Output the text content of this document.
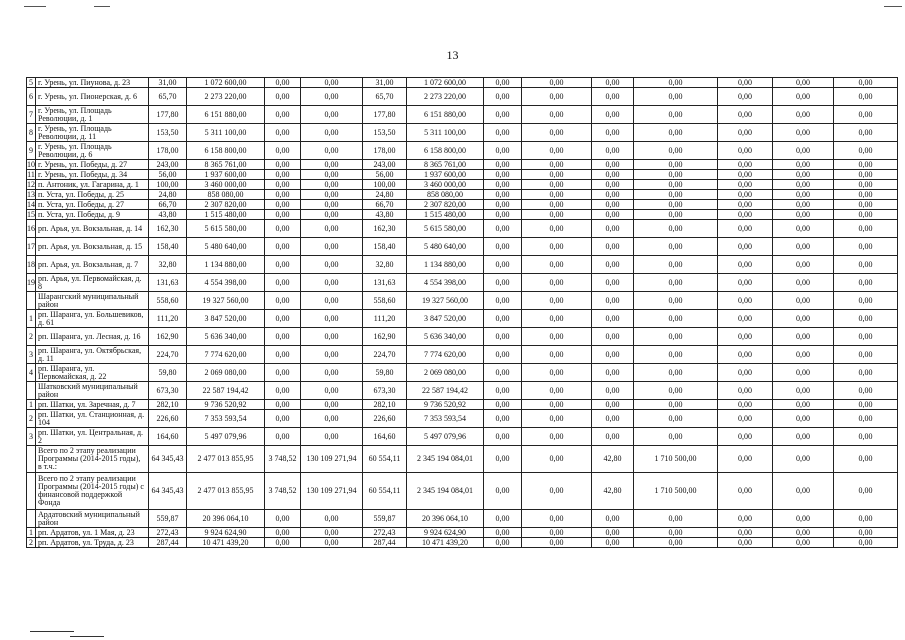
13
5	г. Урень, ул. Пиунова, д. 23	31,00	1 072 600,00	0,00	0,00	31,00	1 072 600,00	0,00	0,00	0,00	0,00	0,00	0,00	0,00
6	г. Урень, ул. Пионерская, д. 6	65,70	2 273 220,00	0,00	0,00	65,70	2 273 220,00	0,00	0,00	0,00	0,00	0,00	0,00	0,00
7	г. Урень, ул. Площадь Революции, д. 1	177,80	6 151 880,00	0,00	0,00	177,80	6 151 880,00	0,00	0,00	0,00	0,00	0,00	0,00	0,00
8	г. Урень, ул. Площадь Революции, д. 11	153,50	5 311 100,00	0,00	0,00	153,50	5 311 100,00	0,00	0,00	0,00	0,00	0,00	0,00	0,00
9	г. Урень, ул. Площадь Революции, д. 6	178,00	6 158 800,00	0,00	0,00	178,00	6 158 800,00	0,00	0,00	0,00	0,00	0,00	0,00	0,00
10	г. Урень, ул. Победы, д. 27	243,00	8 365 761,00	0,00	0,00	243,00	8 365 761,00	0,00	0,00	0,00	0,00	0,00	0,00	0,00
11	г. Урень, ул. Победы, д. 34	56,00	1 937 600,00	0,00	0,00	56,00	1 937 600,00	0,00	0,00	0,00	0,00	0,00	0,00	0,00
12	п. Антоник, ул. Гагарина, д. 1	100,00	3 460 000,00	0,00	0,00	100,00	3 460 000,00	0,00	0,00	0,00	0,00	0,00	0,00	0,00
13	п. Уста, ул. Победы, д. 25	24,80	858 080,00	0,00	0,00	24,80	858 080,00	0,00	0,00	0,00	0,00	0,00	0,00	0,00
14	п. Уста, ул. Победы, д. 27	66,70	2 307 820,00	0,00	0,00	66,70	2 307 820,00	0,00	0,00	0,00	0,00	0,00	0,00	0,00
15	п. Уста, ул. Победы, д. 9	43,80	1 515 480,00	0,00	0,00	43,80	1 515 480,00	0,00	0,00	0,00	0,00	0,00	0,00	0,00
16	рп. Арья, ул. Вокзальная, д. 14	162,30	5 615 580,00	0,00	0,00	162,30	5 615 580,00	0,00	0,00	0,00	0,00	0,00	0,00	0,00
17	рп. Арья, ул. Вокзальная, д. 15	158,40	5 480 640,00	0,00	0,00	158,40	5 480 640,00	0,00	0,00	0,00	0,00	0,00	0,00	0,00
18	рп. Арья, ул. Вокзальная, д. 7	32,80	1 134 880,00	0,00	0,00	32,80	1 134 880,00	0,00	0,00	0,00	0,00	0,00	0,00	0,00
19	рп. Арья, ул. Первомайская, д. 8	131,63	4 554 398,00	0,00	0,00	131,63	4 554 398,00	0,00	0,00	0,00	0,00	0,00	0,00	0,00
	Шарангский муниципальный район	558,60	19 327 560,00	0,00	0,00	558,60	19 327 560,00	0,00	0,00	0,00	0,00	0,00	0,00	0,00
1	рп. Шаранга, ул. Большевиков, д. 61	111,20	3 847 520,00	0,00	0,00	111,20	3 847 520,00	0,00	0,00	0,00	0,00	0,00	0,00	0,00
2	рп. Шаранга, ул. Лесная, д. 16	162,90	5 636 340,00	0,00	0,00	162,90	5 636 340,00	0,00	0,00	0,00	0,00	0,00	0,00	0,00
3	рп. Шаранга, ул. Октябрьская, д. 11	224,70	7 774 620,00	0,00	0,00	224,70	7 774 620,00	0,00	0,00	0,00	0,00	0,00	0,00	0,00
4	рп. Шаранга, ул. Первомайская, д. 22	59,80	2 069 080,00	0,00	0,00	59,80	2 069 080,00	0,00	0,00	0,00	0,00	0,00	0,00	0,00
	Шатковский муниципальный район	673,30	22 587 194,42	0,00	0,00	673,30	22 587 194,42	0,00	0,00	0,00	0,00	0,00	0,00	0,00
1	рп. Шатки, ул. Заречная, д. 7	282,10	9 736 520,92	0,00	0,00	282,10	9 736 520,92	0,00	0,00	0,00	0,00	0,00	0,00	0,00
2	рп. Шатки, ул. Станционная, д. 104	226,60	7 353 593,54	0,00	0,00	226,60	7 353 593,54	0,00	0,00	0,00	0,00	0,00	0,00	0,00
3	рп. Шатки, ул. Центральная, д. 2	164,60	5 497 079,96	0,00	0,00	164,60	5 497 079,96	0,00	0,00	0,00	0,00	0,00	0,00	0,00
	Всего по 2 этапу реализации Программы (2014-2015 годы), в т.ч.:	64 345,43	2 477 013 855,95	3 748,52	130 109 271,94	60 554,11	2 345 194 084,01	0,00	0,00	42,80	1 710 500,00	0,00	0,00	0,00
	Всего по 2 этапу реализации Программы (2014-2015 годы) с финансовой поддержкой Фонда	64 345,43	2 477 013 855,95	3 748,52	130 109 271,94	60 554,11	2 345 194 084,01	0,00	0,00	42,80	1 710 500,00	0,00	0,00	0,00
	Ардатовский муниципальный район	559,87	20 396 064,10	0,00	0,00	559,87	20 396 064,10	0,00	0,00	0,00	0,00	0,00	0,00	0,00
1	рп. Ардатов, ул. 1 Мая, д. 23	272,43	9 924 624,90	0,00	0,00	272,43	9 924 624,90	0,00	0,00	0,00	0,00	0,00	0,00	0,00
2	рп. Ардатов, ул. Труда, д. 23	287,44	10 471 439,20	0,00	0,00	287,44	10 471 439,20	0,00	0,00	0,00	0,00	0,00	0,00	0,00
